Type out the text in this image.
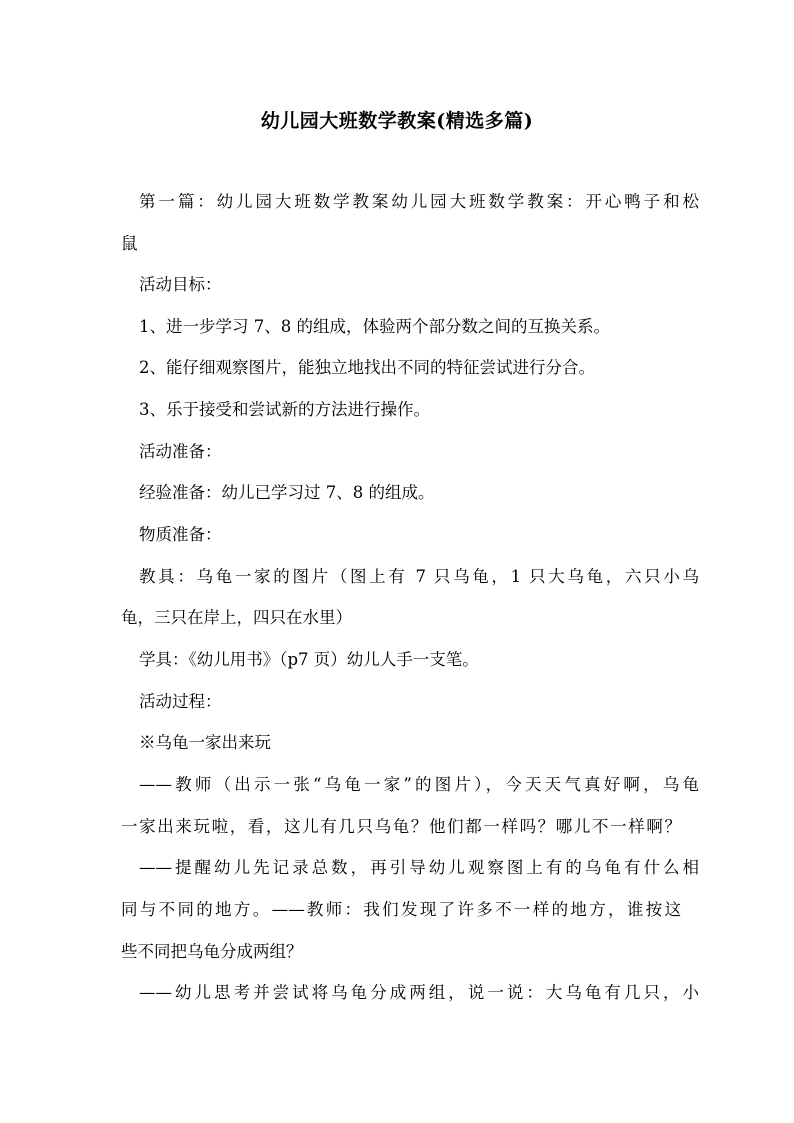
幼儿园大班数学教案(精选多篇)
第一篇：幼儿园大班数学教案幼儿园大班数学教案：开心鸭子和松
鼠
活动目标：
1、进一步学习 7、8 的组成，体验两个部分数之间的互换关系。
2、能仔细观察图片，能独立地找出不同的特征尝试进行分合。
3、乐于接受和尝试新的方法进行操作。
活动准备：
经验准备：幼儿已学习过 7、8 的组成。
物质准备：
教具：乌龟一家的图片（图上有 7 只乌龟，1 只大乌龟，六只小乌
龟，三只在岸上，四只在水里）
学具：《幼儿用书》（p7 页）幼儿人手一支笔。
活动过程：
※乌龟一家出来玩
——教师（出示一张“乌龟一家”的图片），今天天气真好啊，乌龟
一家出来玩啦，看，这儿有几只乌龟？他们都一样吗？哪儿不一样啊？
——提醒幼儿先记录总数，再引导幼儿观察图上有的乌龟有什么相
同与不同的地方。——教师：我们发现了许多不一样的地方，谁按这
些不同把乌龟分成两组？
——幼儿思考并尝试将乌龟分成两组，说一说：大乌龟有几只，小
